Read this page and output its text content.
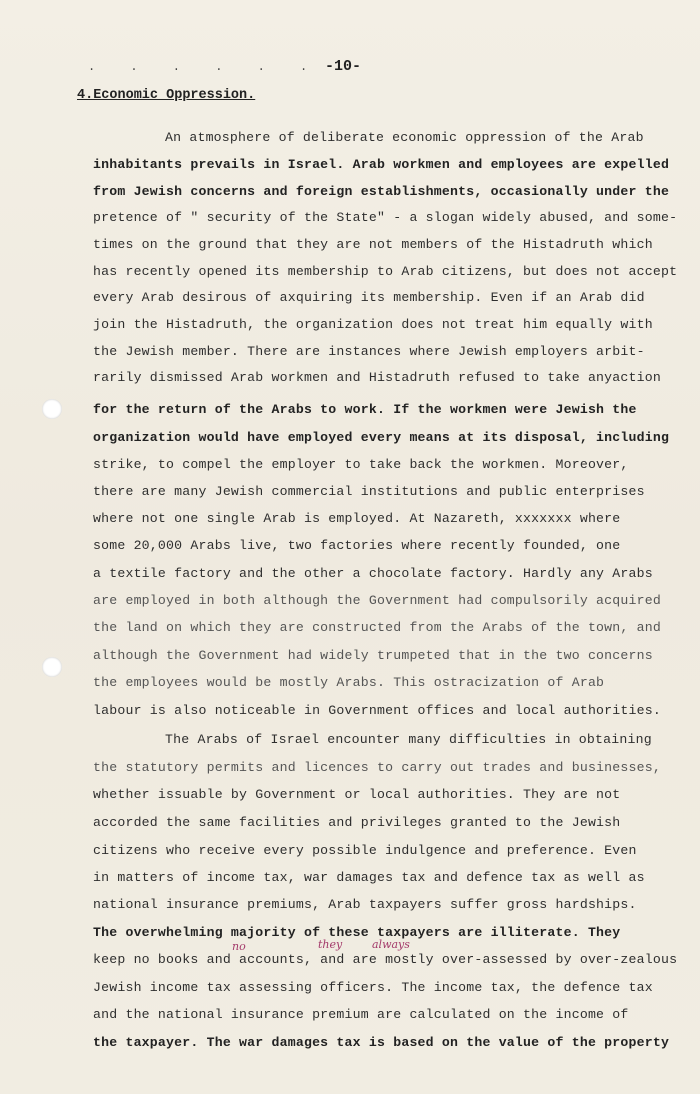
. . . . . . -10-
4.Economic Oppression.
An atmosphere of deliberate economic oppression of the Arab
inhabitants prevails in Israel. Arab workmen and employees are expelled
from Jewish concerns and foreign establishments, occasionally under the
pretence of " security of the State" - a slogan widely abused, and some-
times on the ground that they are not members of the Histadruth which
has recently opened its membership to Arab citizens, but does not accept
every Arab desirous of axquiring its membership. Even if an Arab did
join the Histadruth, the organization does not treat him equally with
the Jewish member. There are instances where Jewish employers arbit-
rarily dismissed Arab workmen and Histadruth refused to take anyaction
for the return of the Arabs to work. If the workmen were Jewish the
organization would have employed every means at its disposal, including
strike, to compel the employer to take back the workmen. Moreover,
there are many Jewish commercial institutions and public enterprises
where not one single Arab is employed. At Nazareth, xxxxxxx where
some 20,000 Arabs live, two factories where recently founded, one
a textile factory and the other a chocolate factory. Hardly any Arabs
are employed in both although the Government had compulsorily acquired
the land on which they are constructed from the Arabs of the town, and
although the Government had widely trumpeted that in the two concerns
the employees would be mostly Arabs. This ostracization of Arab
labour is also noticeable in Government offices and local authorities.
The Arabs of Israel encounter many difficulties in obtaining
the statutory permits and licences to carry out trades and businesses,
whether issuable by Government or local authorities. They are not
accorded the same facilities and privileges granted to the Jewish
citizens who receive every possible indulgence and preference. Even
in matters of income tax, war damages tax and defence tax as well as
national insurance premiums, Arab taxpayers suffer gross hardships.
The overwhelming majority of these taxpayers are illiterate. They
keep no books and accounts, and are mostly over-assessed by over-zealous
Jewish income tax assessing officers. The income tax, the defence tax
and the national insurance premium are calculated on the income of
the taxpayer. The war damages tax is based on the value of the property
no	they	always
